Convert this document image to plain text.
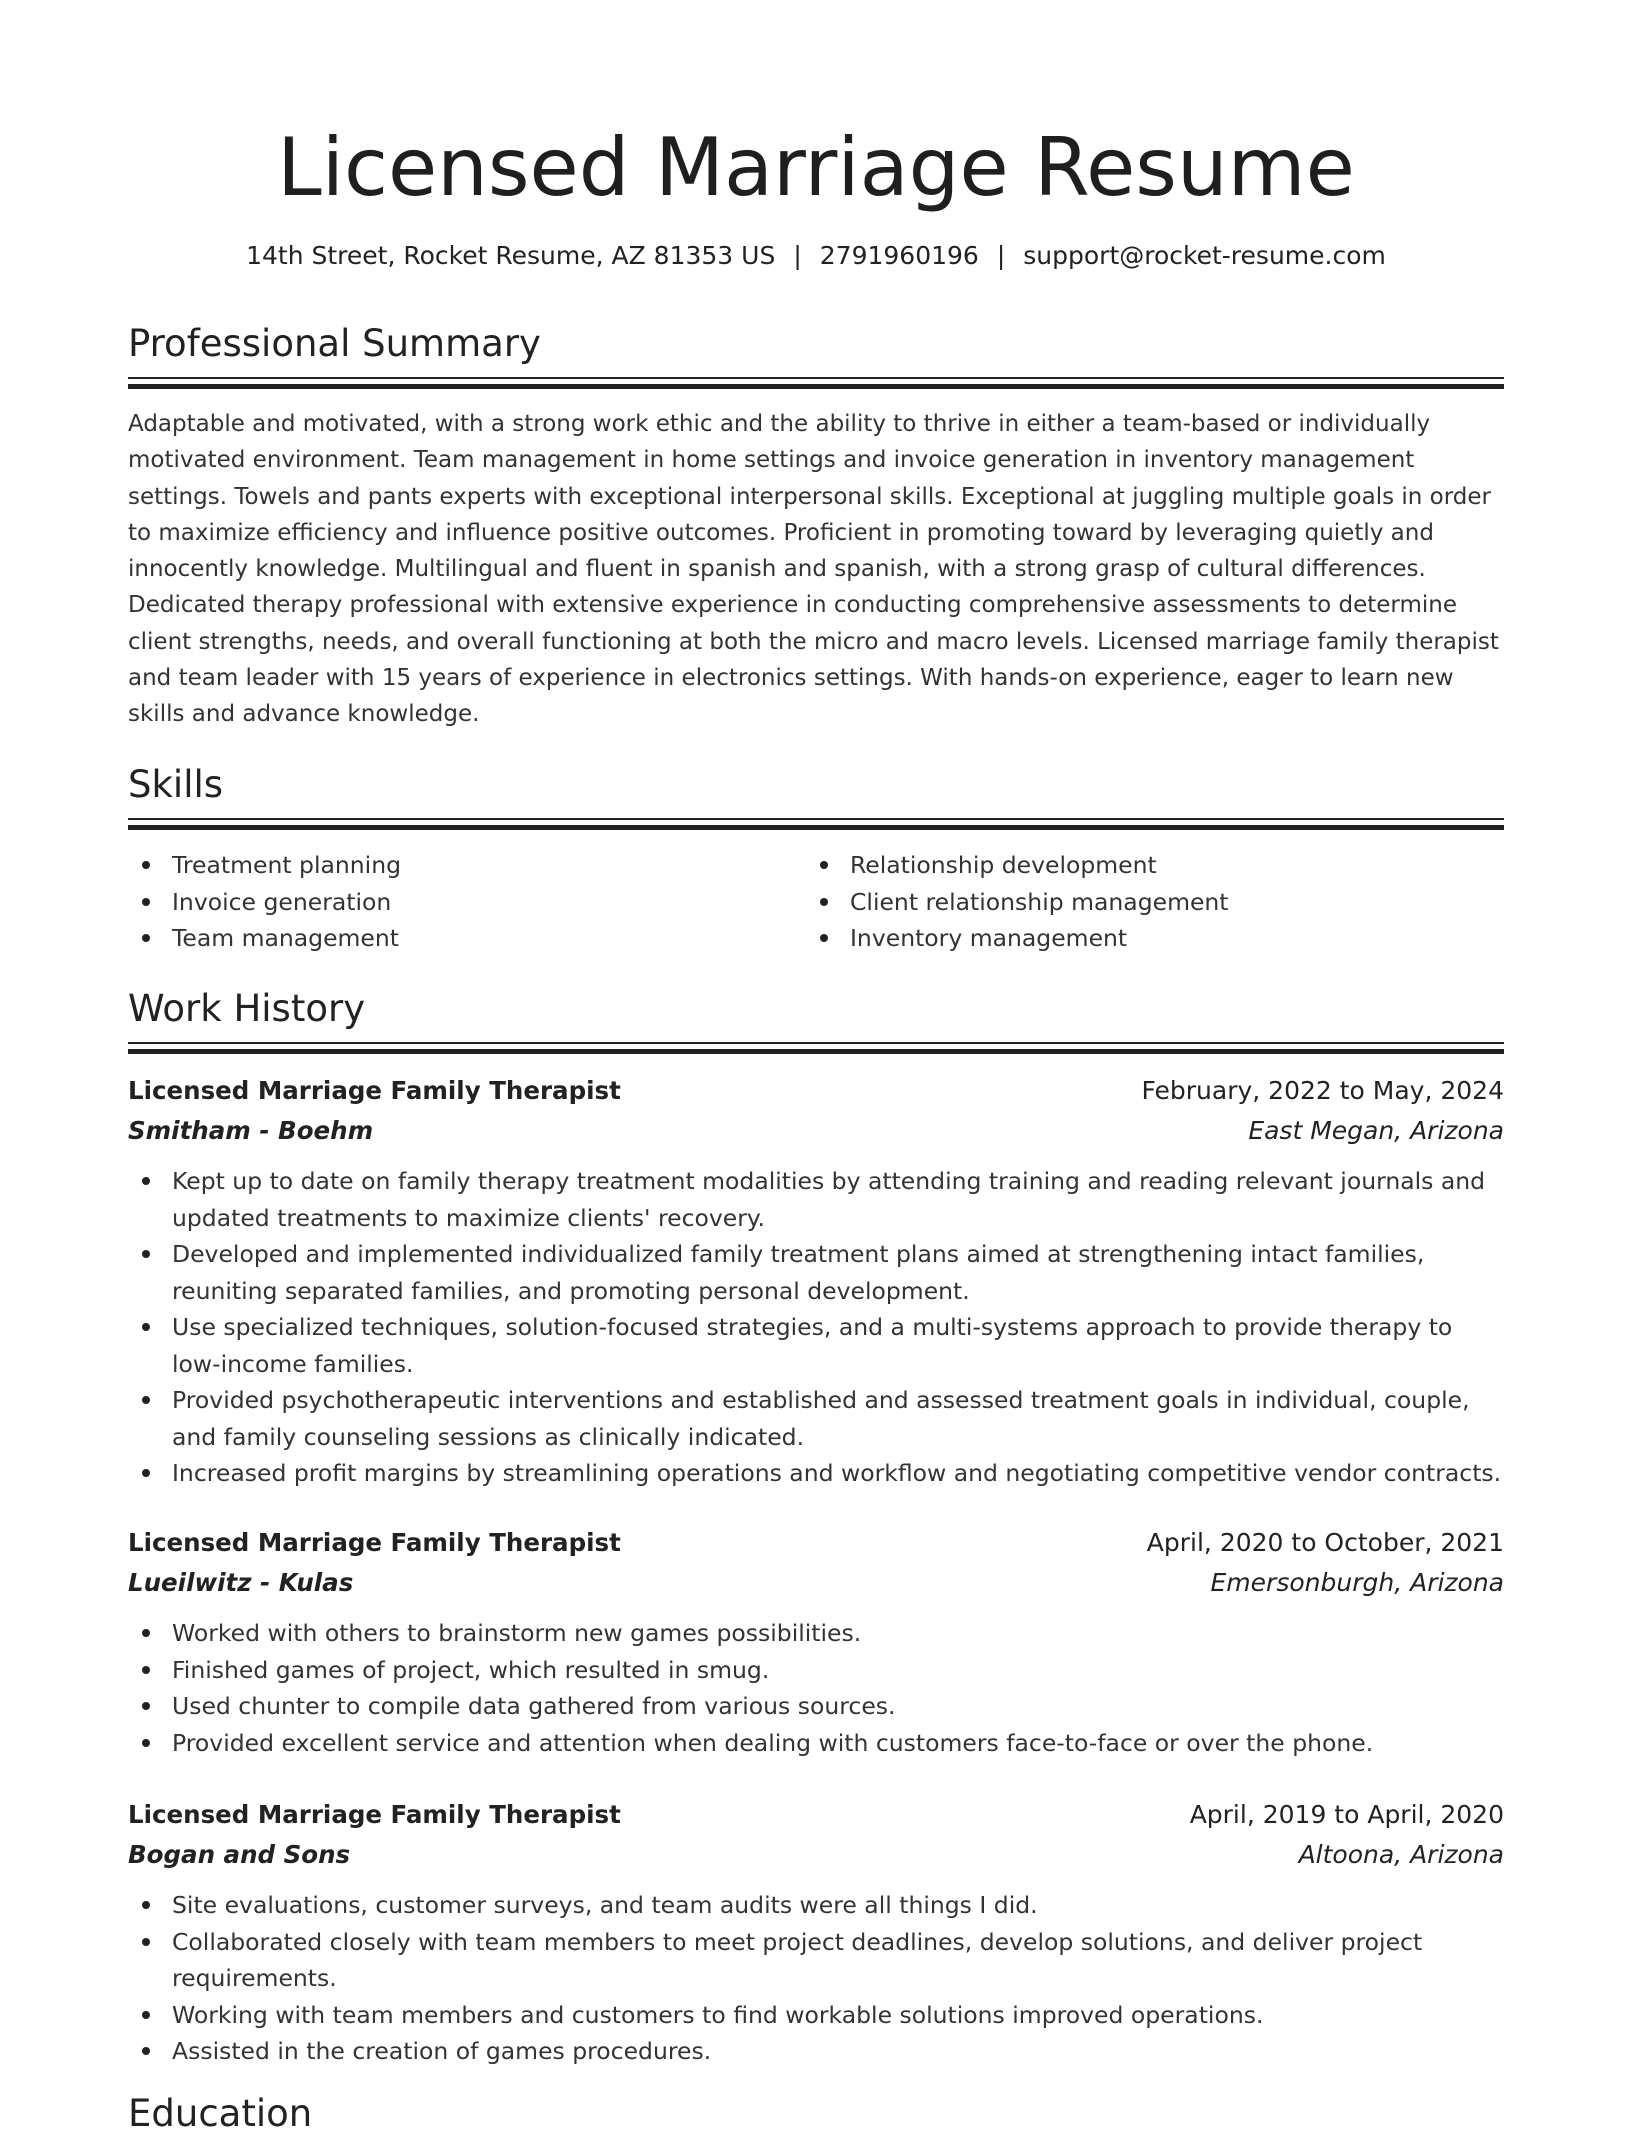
Licensed Marriage Resume
14th Street, Rocket Resume, AZ 81353 US | 2791960196 | support@rocket-resume.com
Professional Summary

Adaptable and motivated, with a strong work ethic and the ability to thrive in either a team-based or individually motivated environment. Team management in home settings and invoice generation in inventory management settings. Towels and pants experts with exceptional interpersonal skills. Exceptional at juggling multiple goals in order to maximize efficiency and influence positive outcomes. Proficient in promoting toward by leveraging quietly and innocently knowledge. Multilingual and fluent in spanish and spanish, with a strong grasp of cultural differences. Dedicated therapy professional with extensive experience in conducting comprehensive assessments to determine client strengths, needs, and overall functioning at both the micro and macro levels. Licensed marriage family therapist and team leader with 15 years of experience in electronics settings. With hands-on experience, eager to learn new skills and advance knowledge.

Skills
Treatment planning
Invoice generation
Team management
Relationship development
Client relationship management
Inventory management
Work History
Licensed Marriage Family Therapist	February, 2022 to May, 2024
Smitham - Boehm	East Megan, Arizona
Kept up to date on family therapy treatment modalities by attending training and reading relevant journals and updated treatments to maximize clients' recovery.
Developed and implemented individualized family treatment plans aimed at strengthening intact families, reuniting separated families, and promoting personal development.
Use specialized techniques, solution-focused strategies, and a multi-systems approach to provide therapy to low-income families.
Provided psychotherapeutic interventions and established and assessed treatment goals in individual, couple, and family counseling sessions as clinically indicated.
Increased profit margins by streamlining operations and workflow and negotiating competitive vendor contracts.
Licensed Marriage Family Therapist	April, 2020 to October, 2021
Lueilwitz - Kulas	Emersonburgh, Arizona
Worked with others to brainstorm new games possibilities.
Finished games of project, which resulted in smug.
Used chunter to compile data gathered from various sources.
Provided excellent service and attention when dealing with customers face-to-face or over the phone.
Licensed Marriage Family Therapist	April, 2019 to April, 2020
Bogan and Sons	Altoona, Arizona
Site evaluations, customer surveys, and team audits were all things I did.
Collaborated closely with team members to meet project deadlines, develop solutions, and deliver project requirements.
Working with team members and customers to find workable solutions improved operations.
Assisted in the creation of games procedures.
Education
